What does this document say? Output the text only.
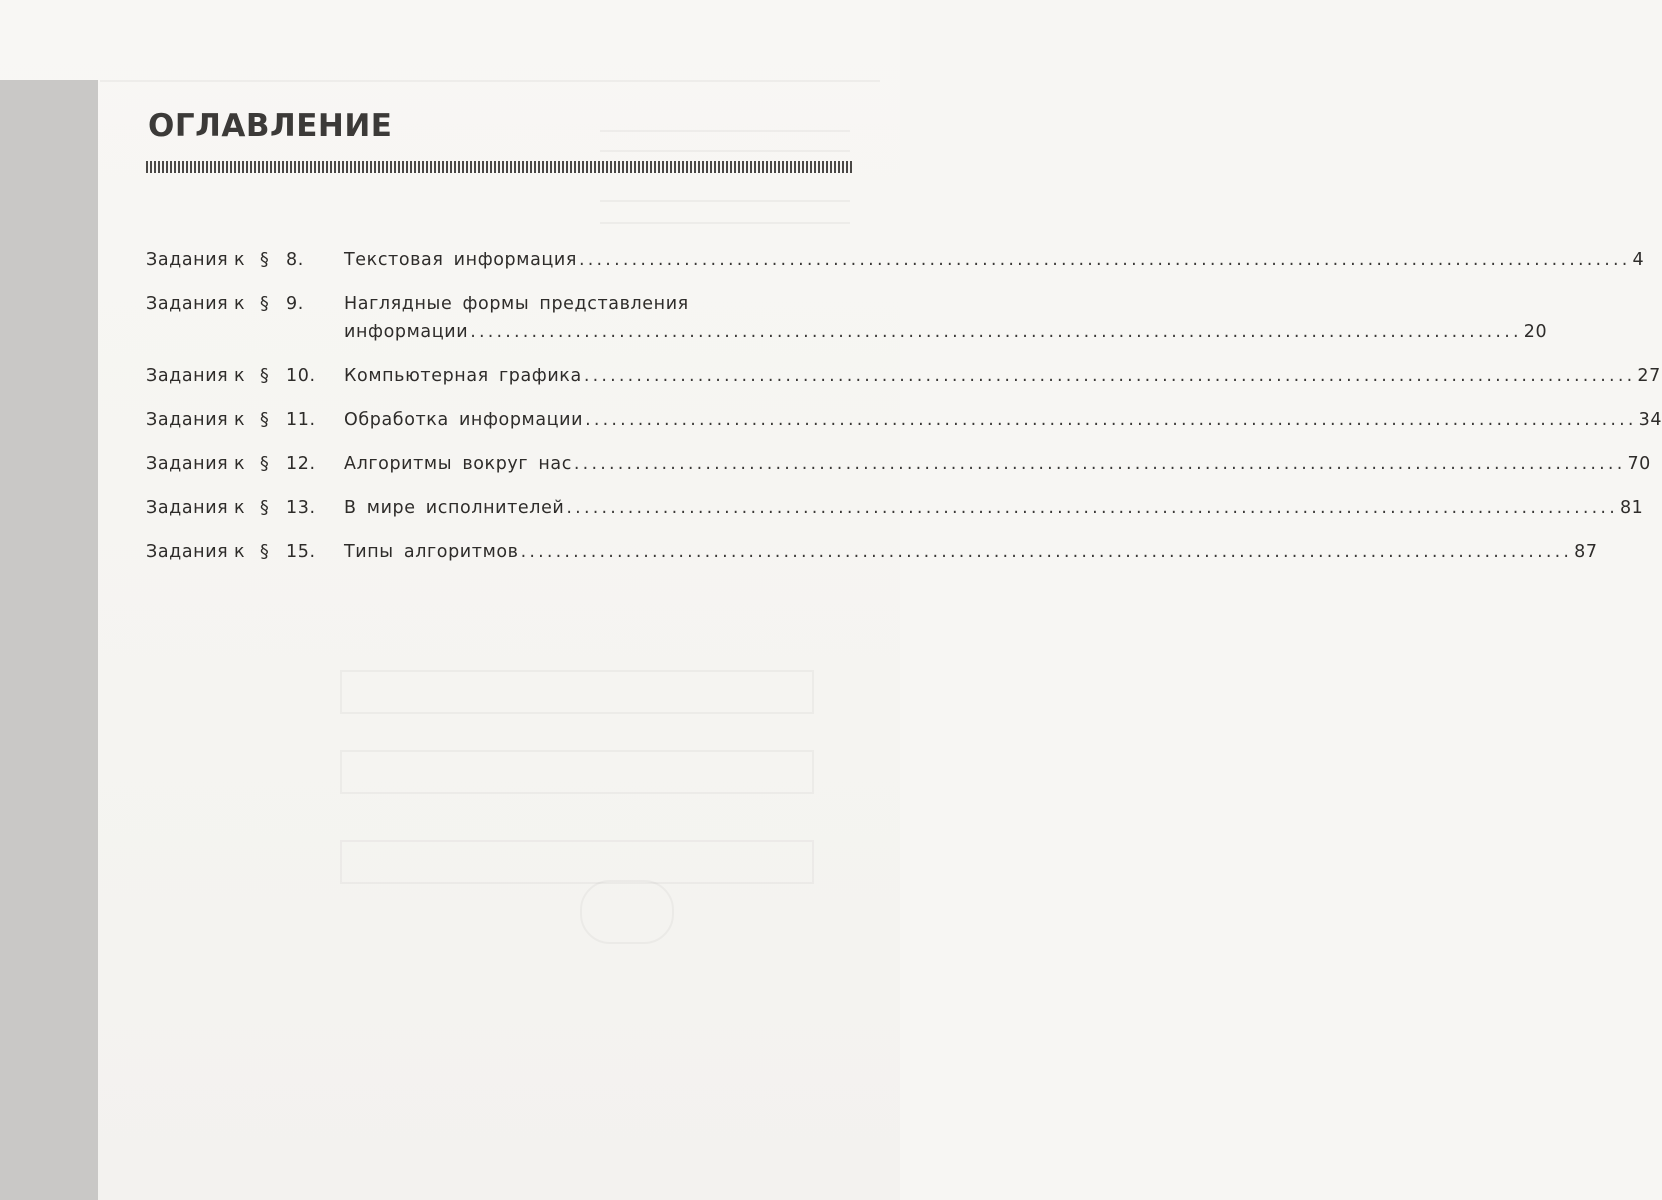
ОГЛАВЛЕНИЕ
Задания к § 8.	Текстовая информация ........................................................................................................................ 4
Задания к § 9.	Наглядные формы представления
информации ........................................................................................................................ 20
Задания к § 10.	Компьютерная графика ........................................................................................................................ 27
Задания к § 11.	Обработка информации ........................................................................................................................ 34
Задания к § 12.	Алгоритмы вокруг нас ........................................................................................................................ 70
Задания к § 13.	В мире исполнителей ........................................................................................................................ 81
Задания к § 15.	Типы алгоритмов ........................................................................................................................ 87
